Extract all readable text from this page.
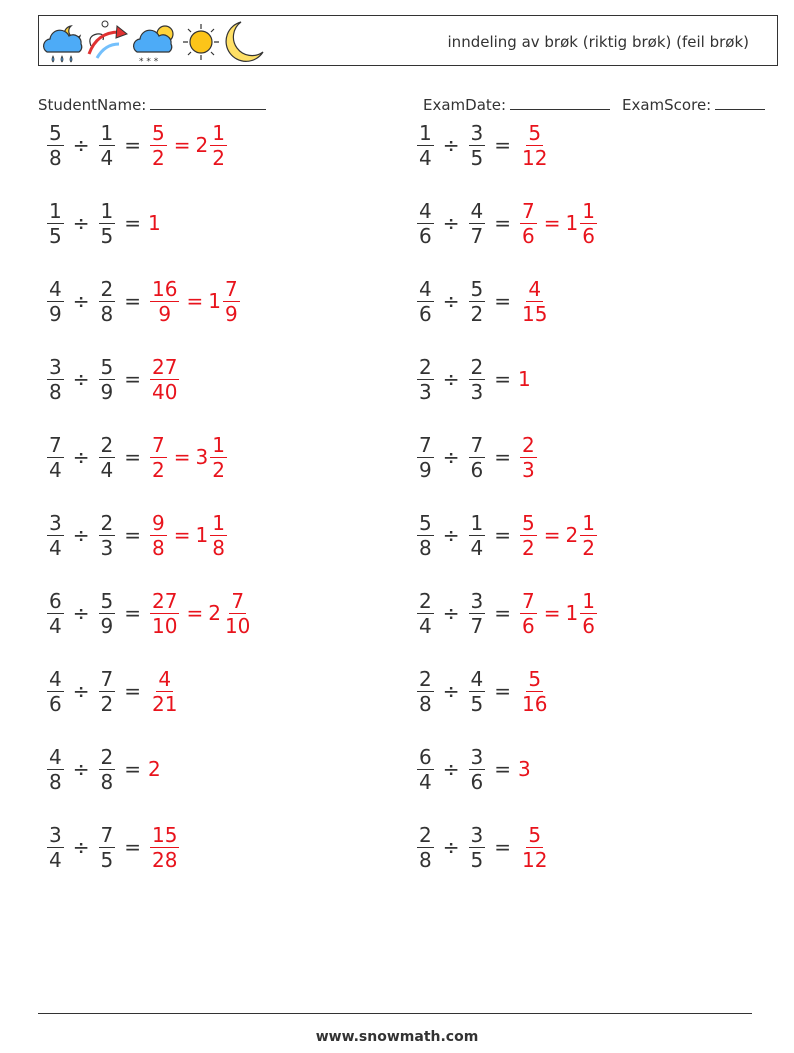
* * *
inndeling av brøk (riktig brøk) (feil brøk)
StudentName:	ExamDate:	ExamScore:
$\frac{5}{8} \div \frac{1}{4} = \frac{5}{2} = 2 \frac{1}{2}$	$\frac{1}{4} \div \frac{3}{5} = \frac{5}{12}$
$\frac{1}{5} \div \frac{1}{5} = 1$	$\frac{4}{6} \div \frac{4}{7} = \frac{7}{6} = 1 \frac{1}{6}$
$\frac{4}{9} \div \frac{2}{8} = \frac{16}{9} = 1 \frac{7}{9}$	$\frac{4}{6} \div \frac{5}{2} = \frac{4}{15}$
$\frac{3}{8} \div \frac{5}{9} = \frac{27}{40}$	$\frac{2}{3} \div \frac{2}{3} = 1$
$\frac{7}{4} \div \frac{2}{4} = \frac{7}{2} = 3 \frac{1}{2}$	$\frac{7}{9} \div \frac{7}{6} = \frac{2}{3}$
$\frac{3}{4} \div \frac{2}{3} = \frac{9}{8} = 1 \frac{1}{8}$	$\frac{5}{8} \div \frac{1}{4} = \frac{5}{2} = 2 \frac{1}{2}$
$\frac{6}{4} \div \frac{5}{9} = \frac{27}{10} = 2 \frac{7}{10}$	$\frac{2}{4} \div \frac{3}{7} = \frac{7}{6} = 1 \frac{1}{6}$
$\frac{4}{6} \div \frac{7}{2} = \frac{4}{21}$	$\frac{2}{8} \div \frac{4}{5} = \frac{5}{16}$
$\frac{4}{8} \div \frac{2}{8} = 2$	$\frac{6}{4} \div \frac{3}{6} = 3$
$\frac{3}{4} \div \frac{7}{5} = \frac{15}{28}$	$\frac{2}{8} \div \frac{3}{5} = \frac{5}{12}$
www.snowmath.com
